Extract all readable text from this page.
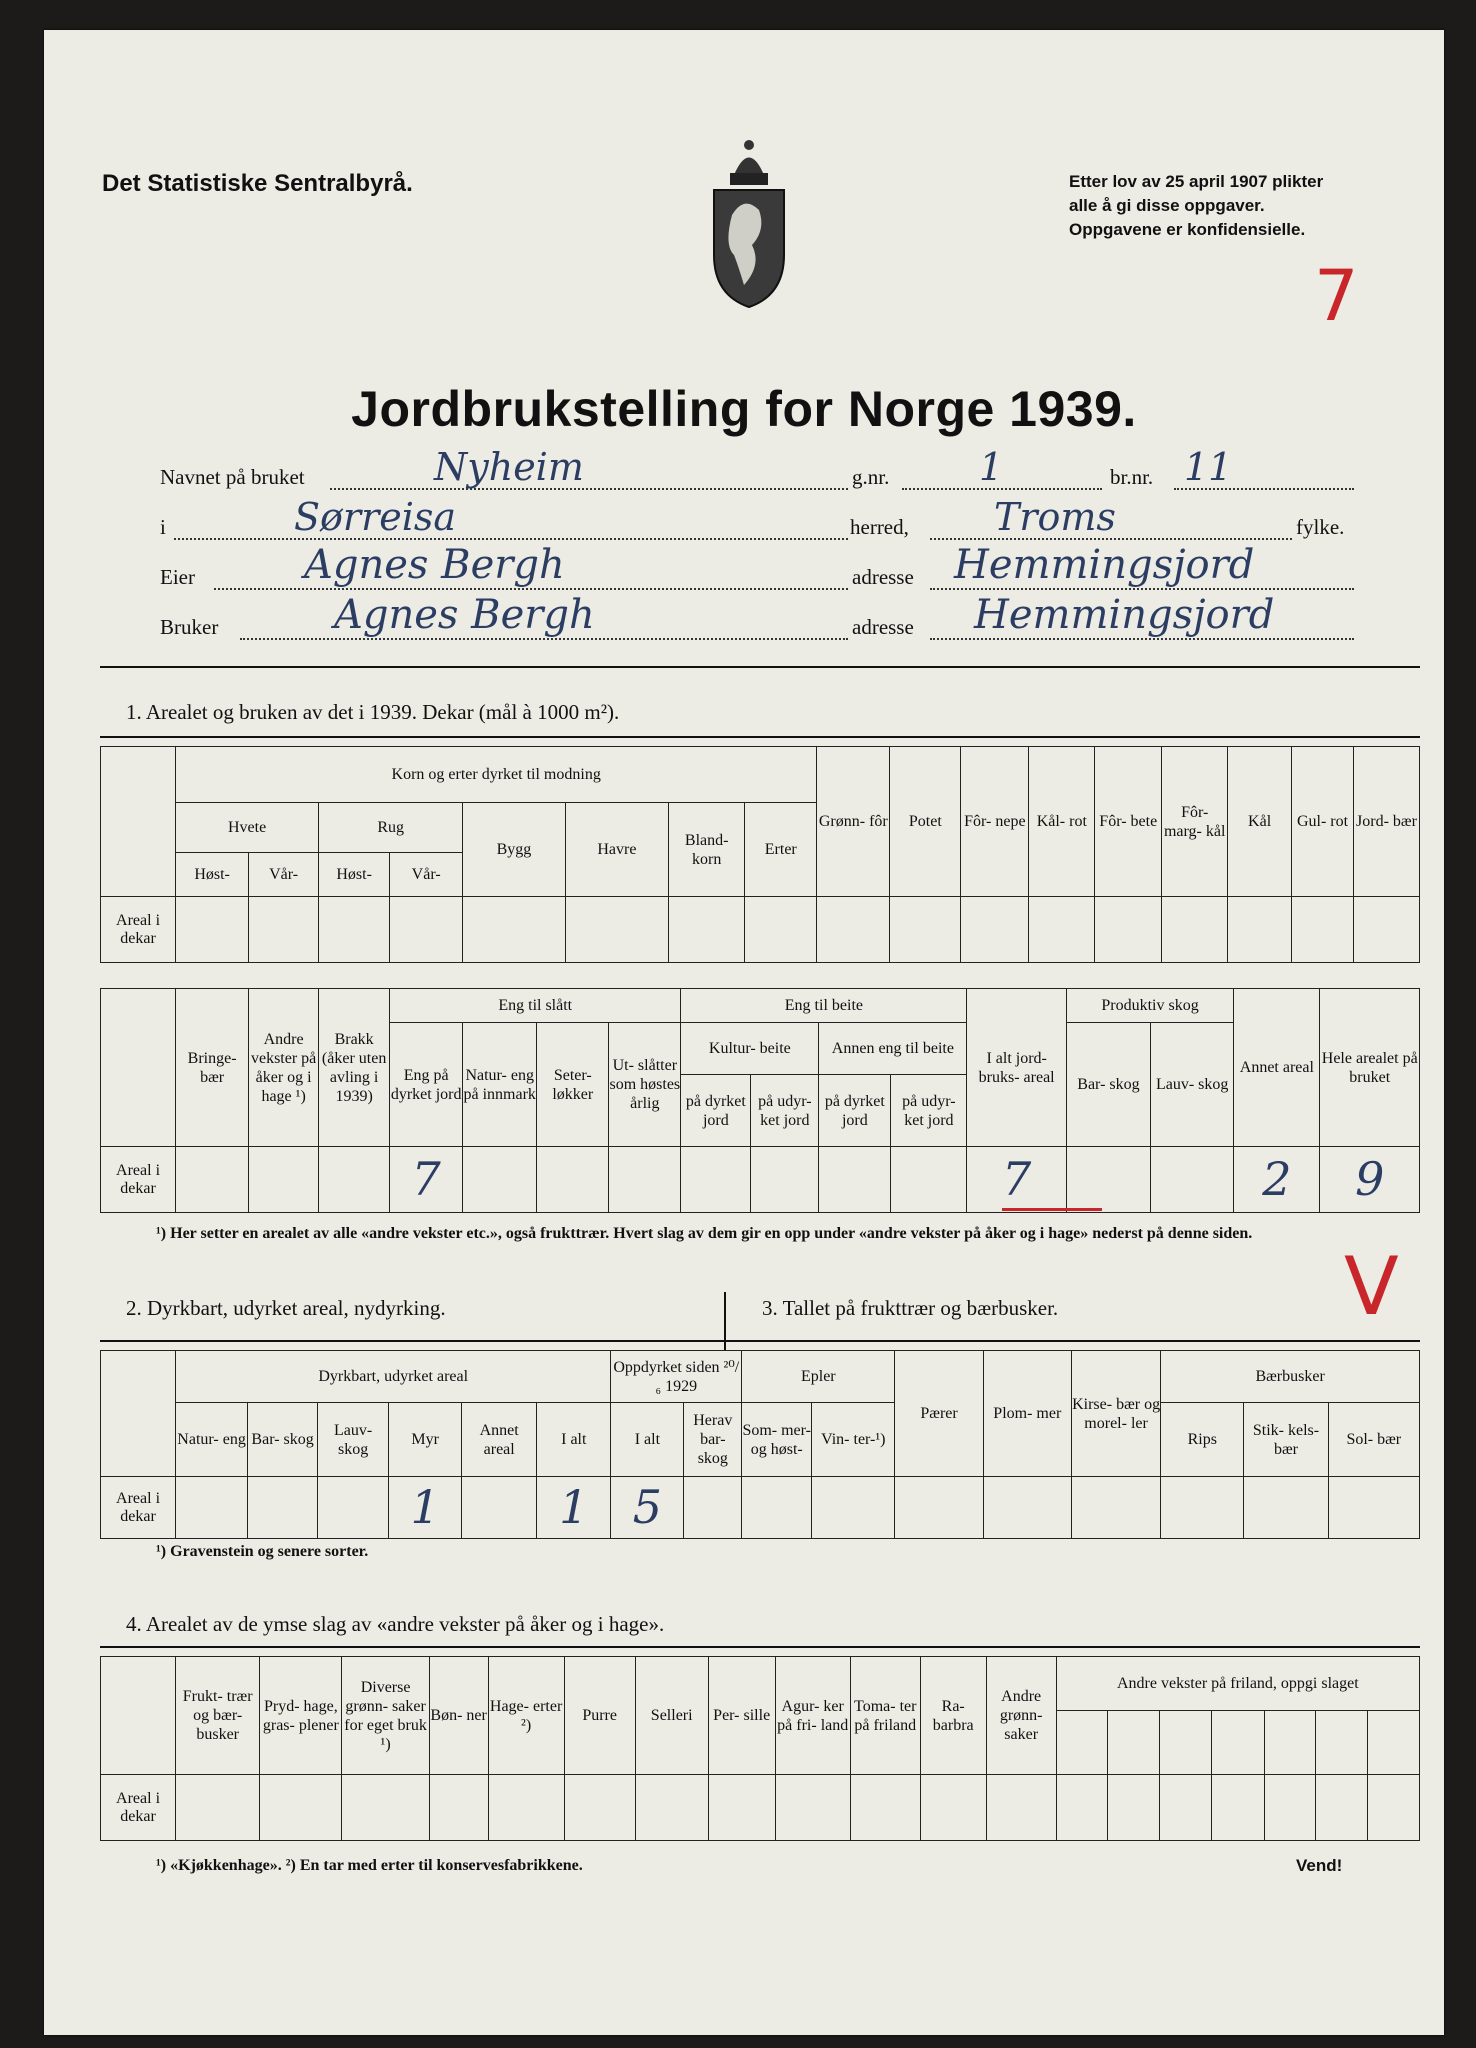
Det Statistiske Sentralbyrå.	Etter lov av 25 april 1907 plikter
alle å gi disse oppgaver.
Oppgavene er konfidensielle.
7
Jordbrukstelling for Norge 1939.
Navnet på bruket	Nyheim	g.nr. 1	br.nr. 11
i	Sørreisa	herred, Troms	fylke.
Eier	Agnes Bergh	adresse Hemmingsjord
Bruker	Agnes Bergh	adresse Hemmingsjord
1. Arealet og bruken av det i 1939. Dekar (mål à 1000 m²).
	Korn og erter dyrket til modning								Grønn- fôr	Potet	Fôr- nepe	Kål- rot	Fôr- bete	Fôr- marg- kål	Kål	Gul- rot	Jord- bær
	Hvete		Rug		Bygg	Havre	Bland- korn	Erter									
	Høst-	Vår-	Høst-	Vår-													
Areal i dekar																	
	Bringe- bær	Andre vekster på åker og i hage ¹)	Brakk (åker uten avling i 1939)	Eng til slått				Eng til beite				I alt jord- bruks- areal	Produktiv skog		Annet areal	Hele arealet på bruket
				Eng på dyrket jord	Natur- eng på innmark	Seter- løkker	Ut- slåtter som høstes årlig	Kultur- beite		Annen eng til beite			Bar- skog	Lauv- skog		
								på dyrket jord	på udyr- ket jord	på dyrket jord	på udyr- ket jord					
Areal i dekar				7								7			2	9
¹) Her setter en arealet av alle «andre vekster etc.», også frukttrær. Hvert slag av dem gir en opp under «andre vekster på åker og i hage» nederst på denne siden.
V
2. Dyrkbart, udyrket areal, nydyrking.	3. Tallet på frukttrær og bærbusker.
	Dyrkbart, udyrket areal						Oppdyrket siden ²⁰/₆ 1929		Epler		Pærer	Plom- mer	Kirse- bær og morel- ler	Bærbusker		
	Natur- eng	Bar- skog	Lauv- skog	Myr	Annet areal	I alt	I alt	Herav bar- skog	Som- mer-og høst-	Vin- ter-¹)				Rips	Stik- kels- bær	Sol- bær
Areal i dekar				1		1	5									
¹) Gravenstein og senere sorter.
4. Arealet av de ymse slag av «andre vekster på åker og i hage».
	Frukt- trær og bær- busker	Pryd- hage, gras- plener	Diverse grønn- saker for eget bruk ¹)	Bøn- ner	Hage- erter ²)	Purre	Selleri	Per- sille	Agur- ker på fri- land	Toma- ter på friland	Ra- barbra	Andre grønn- saker	Andre vekster på friland, oppgi slaget						

Areal i dekar																			
¹) «Kjøkkenhage». ²) En tar med erter til konservesfabrikkene.	Vend!
